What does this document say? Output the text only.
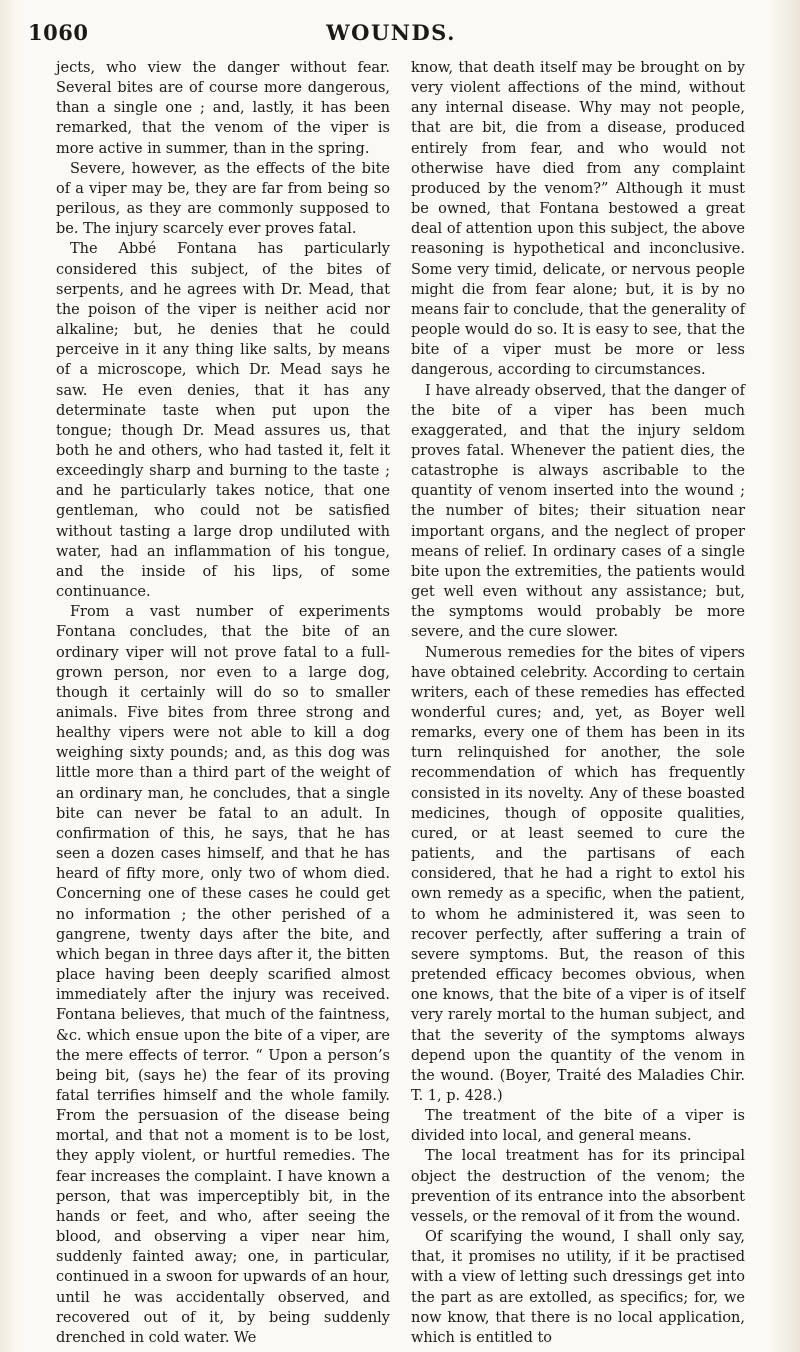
1060	WOUNDS.

jects, who view the danger without fear. Several bites are of course more dangerous, than a single one ; and, lastly, it has been remarked, that the venom of the viper is more active in summer, than in the spring.

Severe, however, as the effects of the bite of a viper may be, they are far from being so perilous, as they are commonly supposed to be. The injury scarcely ever proves fatal.

The Abbé Fontana has particularly considered this subject, of the bites of serpents, and he agrees with Dr. Mead, that the poison of the viper is neither acid nor alkaline; but, he denies that he could perceive in it any thing like salts, by means of a microscope, which Dr. Mead says he saw. He even denies, that it has any determinate taste when put upon the tongue; though Dr. Mead assures us, that both he and others, who had tasted it, felt it exceedingly sharp and burning to the taste ; and he particularly takes notice, that one gentleman, who could not be satisfied without tasting a large drop undiluted with water, had an inflammation of his tongue, and the inside of his lips, of some continuance.

From a vast number of experiments Fontana concludes, that the bite of an ordinary viper will not prove fatal to a full-grown person, nor even to a large dog, though it certainly will do so to smaller animals. Five bites from three strong and healthy vipers were not able to kill a dog weighing sixty pounds; and, as this dog was little more than a third part of the weight of an ordinary man, he concludes, that a single bite can never be fatal to an adult. In confirmation of this, he says, that he has seen a dozen cases himself, and that he has heard of fifty more, only two of whom died. Concerning one of these cases he could get no information ; the other perished of a gangrene, twenty days after the bite, and which began in three days after it, the bitten place having been deeply scarified almost immediately after the injury was received. Fontana believes, that much of the faintness, &c. which ensue upon the bite of a viper, are the mere effects of terror. “ Upon a person’s being bit, (says he) the fear of its proving fatal terrifies himself and the whole family. From the persuasion of the disease being mortal, and that not a moment is to be lost, they apply violent, or hurtful remedies. The fear increases the complaint. I have known a person, that was imperceptibly bit, in the hands or feet, and who, after seeing the blood, and observing a viper near him, suddenly fainted away; one, in particular, continued in a swoon for upwards of an hour, until he was accidentally observed, and recovered out of it, by being suddenly drenched in cold water. We

know, that death itself may be brought on by very violent affections of the mind, without any internal disease. Why may not people, that are bit, die from a disease, produced entirely from fear, and who would not otherwise have died from any complaint produced by the venom?” Although it must be owned, that Fontana bestowed a great deal of attention upon this subject, the above reasoning is hypothetical and inconclusive. Some very timid, delicate, or nervous people might die from fear alone; but, it is by no means fair to conclude, that the generality of people would do so. It is easy to see, that the bite of a viper must be more or less dangerous, according to circumstances.

I have already observed, that the danger of the bite of a viper has been much exaggerated, and that the injury seldom proves fatal. Whenever the patient dies, the catastrophe is always ascribable to the quantity of venom inserted into the wound ; the number of bites; their situation near important organs, and the neglect of proper means of relief. In ordinary cases of a single bite upon the extremities, the patients would get well even without any assistance; but, the symptoms would probably be more severe, and the cure slower.

Numerous remedies for the bites of vipers have obtained celebrity. According to certain writers, each of these remedies has effected wonderful cures; and, yet, as Boyer well remarks, every one of them has been in its turn relinquished for another, the sole recommendation of which has frequently consisted in its novelty. Any of these boasted medicines, though of opposite qualities, cured, or at least seemed to cure the patients, and the partisans of each considered, that he had a right to extol his own remedy as a specific, when the patient, to whom he administered it, was seen to recover perfectly, after suffering a train of severe symptoms. But, the reason of this pretended efficacy becomes obvious, when one knows, that the bite of a viper is of itself very rarely mortal to the human subject, and that the severity of the symptoms always depend upon the quantity of the venom in the wound. (Boyer, Traité des Maladies Chir. T. 1, p. 428.)

The treatment of the bite of a viper is divided into local, and general means.

The local treatment has for its principal object the destruction of the venom; the prevention of its entrance into the absorbent vessels, or the removal of it from the wound.

Of scarifying the wound, I shall only say, that, it promises no utility, if it be practised with a view of letting such dressings get into the part as are extolled, as specifics; for, we now know, that there is no local application, which is entitled to
